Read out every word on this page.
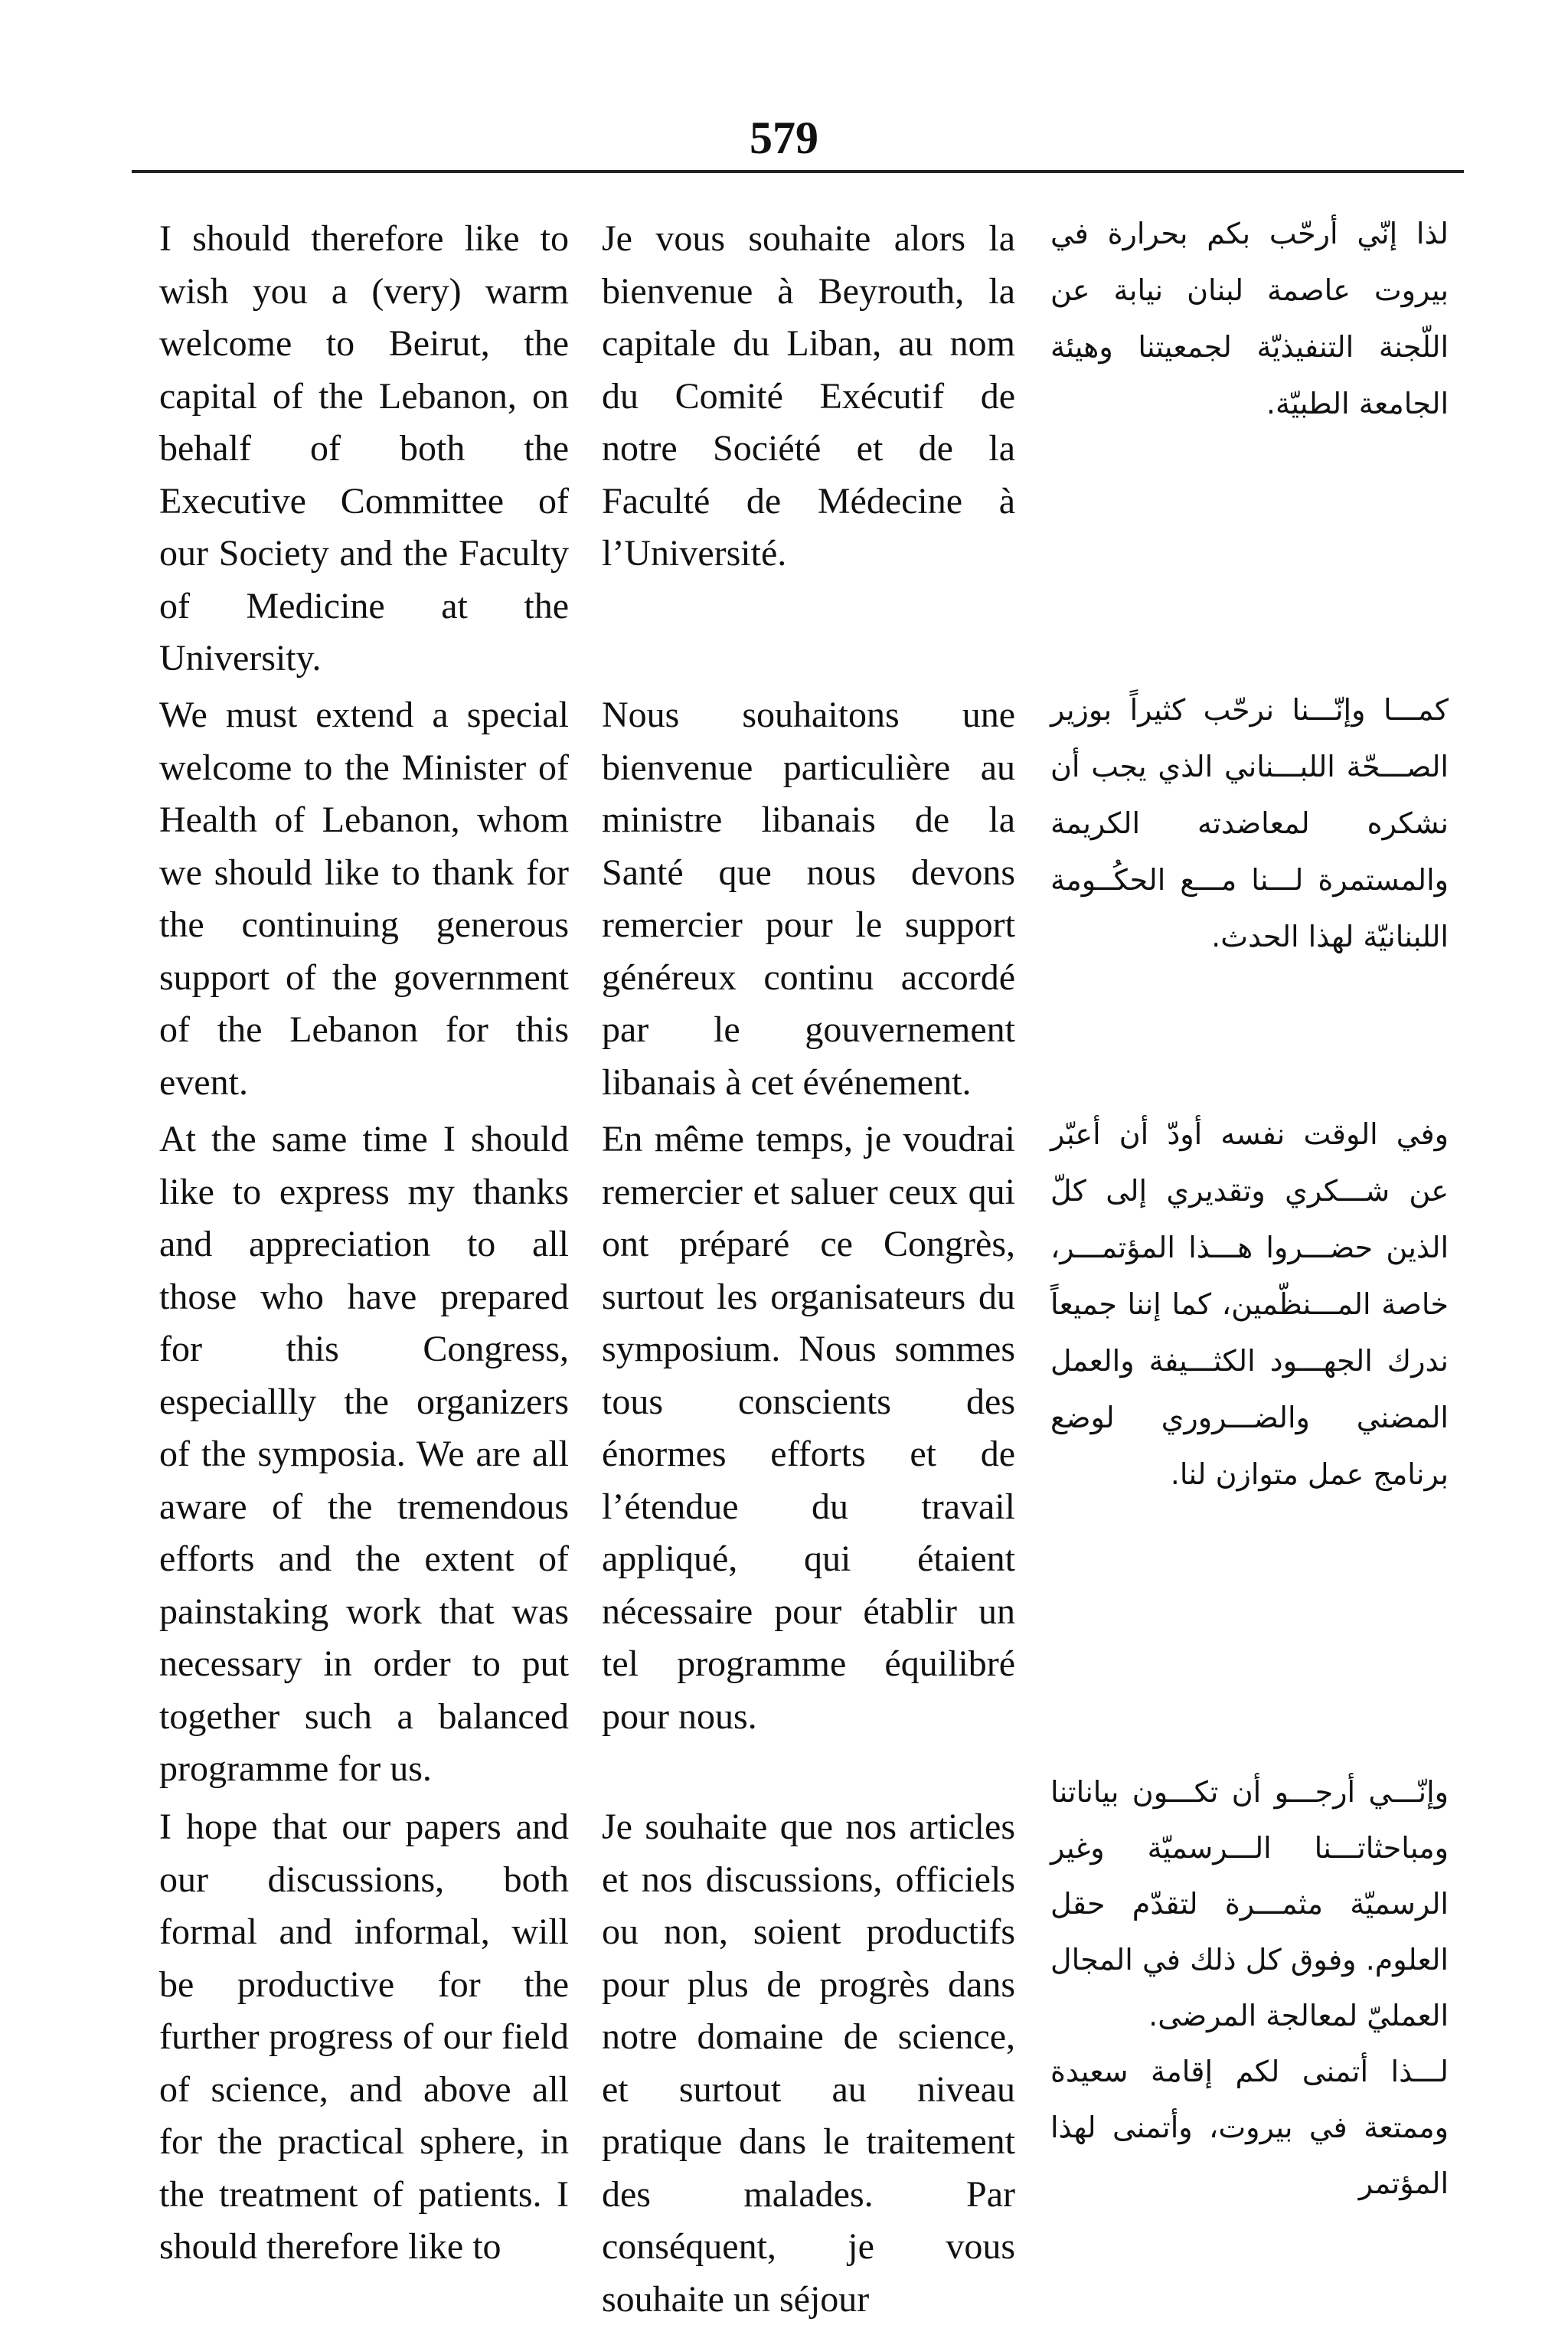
579

I should therefore like to wish you a (very) warm welcome to Beirut, the capital of the Lebanon, on behalf of both the Executive Committee of our Society and the Faculty of Medicine at the University.

Je vous souhaite alors la bienvenue à Beyrouth, la capitale du Liban, au nom du Comité Exécutif de notre Société et de la Faculté de Médecine à l’Université.

لذا إنّي أرحّب بكم بحرارة في بيروت عاصمة لبنان نيابة عن اللّجنة التنفيذيّة لجمعيتنا وهيئة الجامعة الطبيّة.

We must extend a special welcome to the Minister of Health of Lebanon, whom we should like to thank for the continuing generous support of the government of the Lebanon for this event.

Nous souhaitons une bienvenue particulière au ministre libanais de la Santé que nous devons remercier pour le support généreux continu accordé par le gouvernement libanais à cet événement.

كمـــا وإنّـــنا نرحّب كثيراً بوزير الصـــحّة اللبـــناني الذي يجب أن نشكره لمعاضدته الكريمة والمستمرة لـــنا مـــع الحكُــومة اللبنانيّة لهذا الحدث.

At the same time I should like to express my thanks and appreciation to all those who have prepared for this Congress, especiallly the organizers of the symposia. We are all aware of the tremendous efforts and the extent of painstaking work that was necessary in order to put together such a balanced programme for us.

En même temps, je voudrai remercier et saluer ceux qui ont préparé ce Congrès, surtout les organisateurs du symposium. Nous sommes tous conscients des énormes efforts et de l’étendue du travail appliqué, qui étaient nécessaire pour établir un tel programme équilibré pour nous.

وفي الوقت نفسه أودّ أن أعبّر عن شـــكري وتقديري إلى كلّ الذين حضـــروا هـــذا المؤتمـــر، خاصة المـــنظّمين، كما إننا جميعاً ندرك الجهـــود الكثـــيفة والعمل المضني والضـــروري لوضع برنامج عمل متوازن لنا.

I hope that our papers and our discussions, both formal and informal, will be productive for the further progress of our field of science, and above all for the practical sphere, in the treatment of patients. I should therefore like to

Je souhaite que nos articles et nos discussions, officiels ou non, soient productifs pour plus de progrès dans notre domaine de science, et surtout au niveau pratique dans le traitement des malades. Par conséquent, je vous souhaite un séjour

وإنّـــي أرجـــو أن تكـــون بياناتنا ومباحثاتـــنا الـــرسميّة وغير الرسميّة مثمـــرة لتقدّم حقل العلوم. وفوق كل ذلك في المجال العمليّ لمعالجة المرضى.

لـــذا أتمنى لكم إقامة سعيدة وممتعة في بيروت، وأتمنى لهذا المؤتمر
